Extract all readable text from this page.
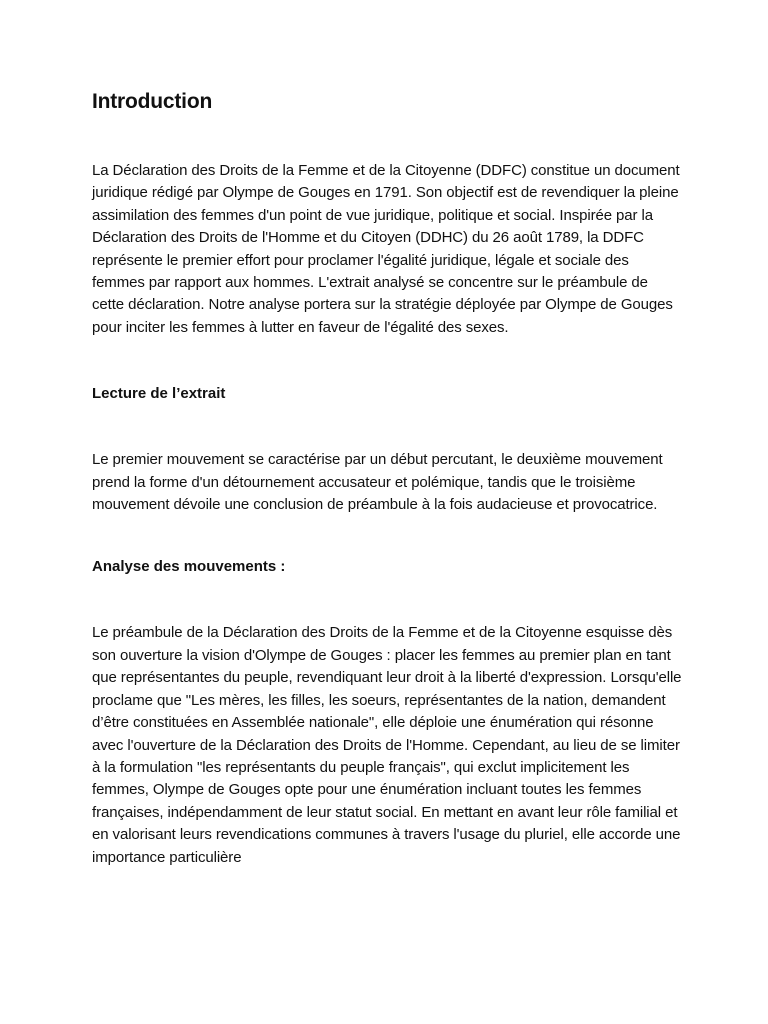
Introduction

La Déclaration des Droits de la Femme et de la Citoyenne (DDFC) constitue un document juridique rédigé par Olympe de Gouges en 1791. Son objectif est de revendiquer la pleine assimilation des femmes d'un point de vue juridique, politique et social. Inspirée par la Déclaration des Droits de l'Homme et du Citoyen (DDHC) du 26 août 1789, la DDFC représente le premier effort pour proclamer l'égalité juridique, légale et sociale des femmes par rapport aux hommes. L'extrait analysé se concentre sur le préambule de cette déclaration. Notre analyse portera sur la stratégie déployée par Olympe de Gouges pour inciter les femmes à lutter en faveur de l'égalité des sexes.

Lecture de l’extrait

Le premier mouvement se caractérise par un début percutant, le deuxième mouvement prend la forme d'un détournement accusateur et polémique, tandis que le troisième mouvement dévoile une conclusion de préambule à la fois audacieuse et provocatrice.

Analyse des mouvements :

Le préambule de la Déclaration des Droits de la Femme et de la Citoyenne esquisse dès son ouverture la vision d'Olympe de Gouges : placer les femmes au premier plan en tant que représentantes du peuple, revendiquant leur droit à la liberté d'expression. Lorsqu'elle proclame que "Les mères, les filles, les soeurs, représentantes de la nation, demandent d’être constituées en Assemblée nationale", elle déploie une énumération qui résonne avec l'ouverture de la Déclaration des Droits de l'Homme. Cependant, au lieu de se limiter à la formulation "les représentants du peuple français", qui exclut implicitement les femmes, Olympe de Gouges opte pour une énumération incluant toutes les femmes françaises, indépendamment de leur statut social. En mettant en avant leur rôle familial et en valorisant leurs revendications communes à travers l'usage du pluriel, elle accorde une importance particulière
